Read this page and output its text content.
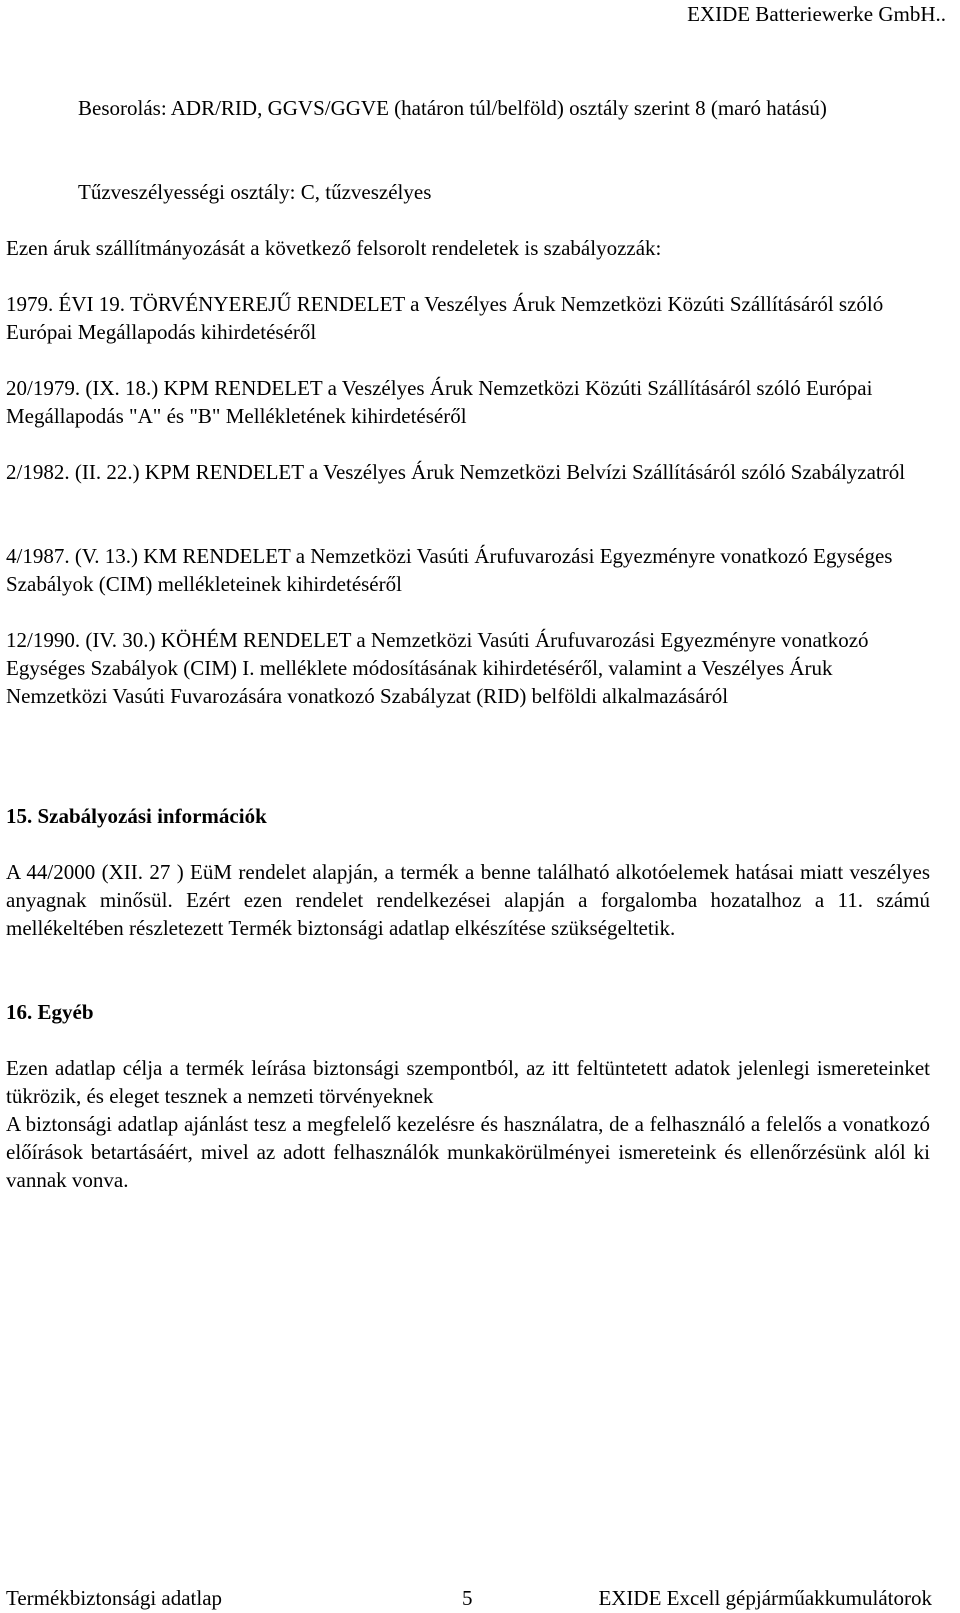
EXIDE Batteriewerke GmbH..

Besorolás: ADR/RID, GGVS/GGVE (határon túl/belföld) osztály szerint 8 (maró hatású)

Tűzveszélyességi osztály: C, tűzveszélyes

Ezen áruk szállítmányozását a következő felsorolt rendeletek is szabályozzák:

1979. ÉVI 19. TÖRVÉNYEREJŰ RENDELET a Veszélyes Áruk Nemzetközi Közúti Szállításáról szóló Európai Megállapodás kihirdetéséről

20/1979. (IX. 18.) KPM RENDELET a Veszélyes Áruk Nemzetközi Közúti Szállításáról szóló Európai Megállapodás "A" és "B" Mellékletének kihirdetéséről

2/1982. (II. 22.) KPM RENDELET a Veszélyes Áruk Nemzetközi Belvízi Szállításáról szóló Szabályzatról

4/1987. (V. 13.) KM RENDELET a Nemzetközi Vasúti Árufuvarozási Egyezményre vonatkozó Egységes Szabályok (CIM) mellékleteinek kihirdetéséről

12/1990. (IV. 30.) KÖHÉM RENDELET a Nemzetközi Vasúti Árufuvarozási Egyezményre vonatkozó Egységes Szabályok (CIM) I. melléklete módosításának kihirdetéséről, valamint a Veszélyes Áruk Nemzetközi Vasúti Fuvarozására vonatkozó Szabályzat (RID) belföldi alkalmazásáról

15. Szabályozási információk

A 44/2000 (XII. 27 ) EüM rendelet alapján, a termék a benne található alkotóelemek hatásai miatt veszélyes anyagnak minősül. Ezért ezen rendelet rendelkezései alapján a forgalomba hozatalhoz a 11. számú mellékeltében részletezett Termék biztonsági adatlap elkészítése szükségeltetik.

16. Egyéb

Ezen adatlap célja a termék leírása biztonsági szempontból, az itt feltüntetett adatok jelenlegi ismereteinket tükrözik, és eleget tesznek a nemzeti törvényeknek

A biztonsági adatlap ajánlást tesz a megfelelő kezelésre és használatra, de a felhasználó a felelős a vonatkozó előírások betartásáért, mivel az adott felhasználók munkakörülményei ismereteink és ellenőrzésünk alól ki vannak vonva.

Termékbiztonsági adatlap	5	EXIDE Excell gépjárműakkumulátorok
